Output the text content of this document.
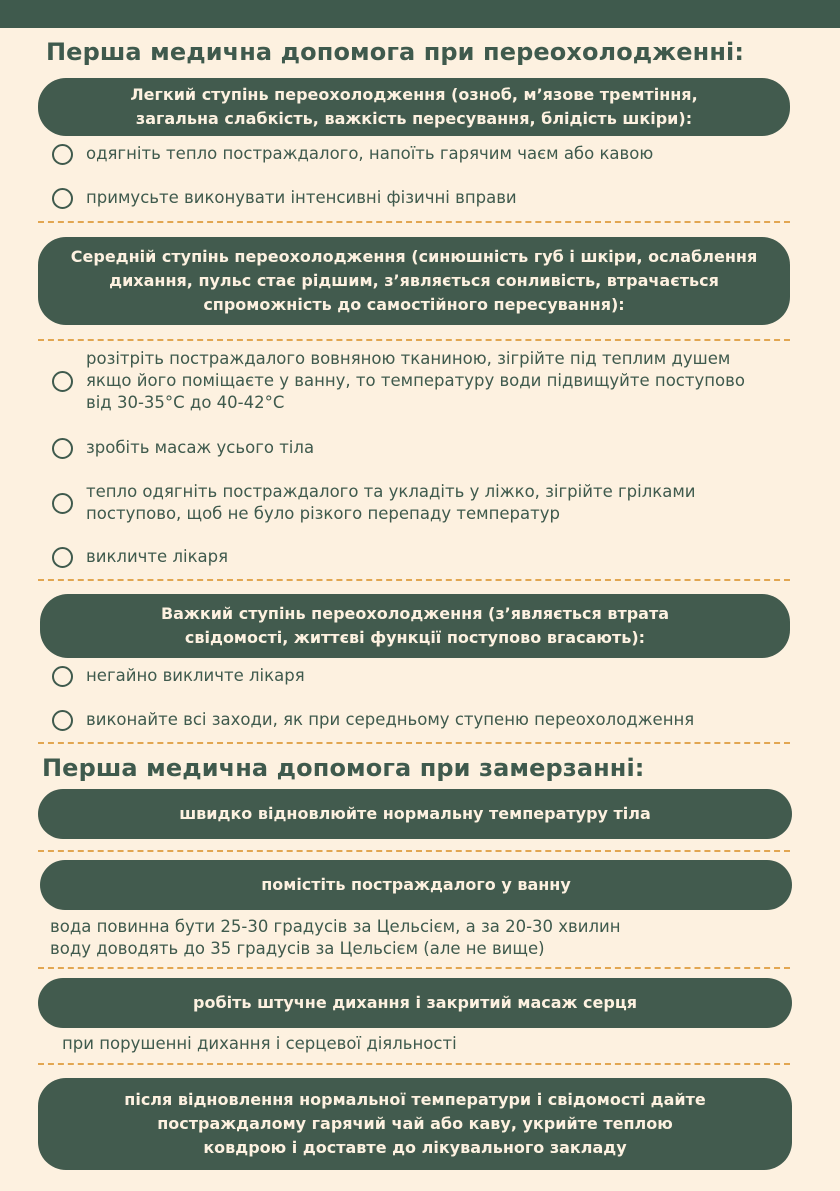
Перша медична допомога при переохолодженні:
Легкий ступінь переохолодження (озноб, м’язове тремтіння,
загальна слабкість, важкість пересування, блідість шкіри):
одягніть тепло постраждалого, напоїть гарячим чаєм або кавою
примусьте виконувати інтенсивні фізичні вправи
Середній ступінь переохолодження (синюшність губ і шкіри, ослаблення
дихання, пульс стає рідшим, з’являється сонливість, втрачається
спроможність до самостійного пересування):
розітріть постраждалого вовняною тканиною, зігрійте під теплим душем
якщо його поміщаєте у ванну, то температуру води підвищуйте поступово
від 30-35°С до 40-42°С
зробіть масаж усього тіла
тепло одягніть постраждалого та укладіть у ліжко, зігрійте грілками
поступово, щоб не було різкого перепаду температур
викличте лікаря
Важкий ступінь переохолодження (з’являється втрата
свідомості, життєві функції поступово вгасають):
негайно викличте лікаря
виконайте всі заходи, як при середньому ступеню переохолодження
Перша медична допомога при замерзанні:
швидко відновлюйте нормальну температуру тіла
помістіть постраждалого у ванну
вода повинна бути 25-30 градусів за Цельсієм, а за 20-30 хвилин
воду доводять до 35 градусів за Цельсієм (але не вище)
робіть штучне дихання і закритий масаж серця
при порушенні дихання і серцевої діяльності
після відновлення нормальної температури і свідомості дайте
постраждалому гарячий чай або каву, укрийте теплою
ковдрою і доставте до лікувального закладу
